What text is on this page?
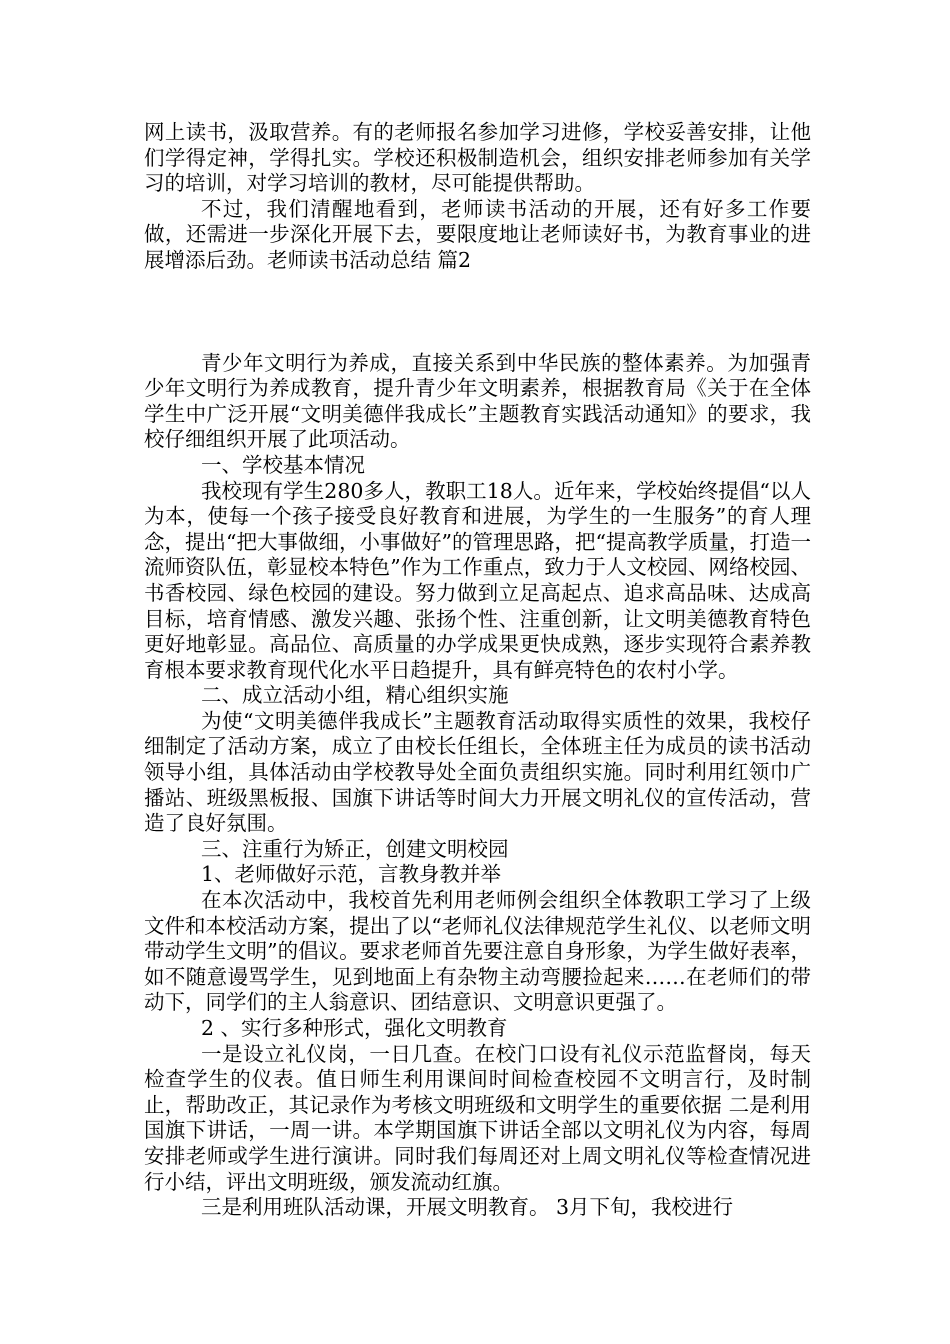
网上读书，汲取营养。有的老师报名参加学习进修，学校妥善安排，让他们学得定神，学得扎实。学校还积极制造机会，组织安排老师参加有关学习的培训，对学习培训的教材，尽可能提供帮助。

不过，我们清醒地看到，老师读书活动的开展，还有好多工作要做，还需进一步深化开展下去，要限度地让老师读好书，为教育事业的进展增添后劲。老师读书活动总结 篇2

青少年文明行为养成，直接关系到中华民族的整体素养。为加强青少年文明行为养成教育，提升青少年文明素养，根据教育局《关于在全体学生中广泛开展“文明美德伴我成长”主题教育实践活动通知》的要求，我校仔细组织开展了此项活动。

一、学校基本情况

我校现有学生280多人，教职工18人。近年来，学校始终提倡“以人为本，使每一个孩子接受良好教育和进展，为学生的一生服务”的育人理念，提出“把大事做细，小事做好”的管理思路，把“提高教学质量，打造一流师资队伍，彰显校本特色”作为工作重点，致力于人文校园、网络校园、书香校园、绿色校园的建设。努力做到立足高起点、追求高品味、达成高目标，培育情感、激发兴趣、张扬个性、注重创新，让文明美德教育特色更好地彰显。高品位、高质量的办学成果更快成熟，逐步实现符合素养教育根本要求教育现代化水平日趋提升，具有鲜亮特色的农村小学。

二、成立活动小组，精心组织实施

为使“文明美德伴我成长”主题教育活动取得实质性的效果，我校仔细制定了活动方案，成立了由校长任组长，全体班主任为成员的读书活动领导小组，具体活动由学校教导处全面负责组织实施。同时利用红领巾广播站、班级黑板报、国旗下讲话等时间大力开展文明礼仪的宣传活动，营造了良好氛围。

三、注重行为矫正，创建文明校园

1、老师做好示范，言教身教并举

在本次活动中，我校首先利用老师例会组织全体教职工学习了上级文件和本校活动方案，提出了以“老师礼仪法律规范学生礼仪、以老师文明带动学生文明”的倡议。要求老师首先要注意自身形象，为学生做好表率，如不随意谩骂学生，见到地面上有杂物主动弯腰捡起来……在老师们的带动下，同学们的主人翁意识、团结意识、文明意识更强了。

2 、实行多种形式，强化文明教育

一是设立礼仪岗，一日几查。在校门口设有礼仪示范监督岗，每天检查学生的仪表。值日师生利用课间时间检查校园不文明言行，及时制止，帮助改正，其记录作为考核文明班级和文明学生的重要依据 二是利用国旗下讲话，一周一讲。本学期国旗下讲话全部以文明礼仪为内容，每周安排老师或学生进行演讲。同时我们每周还对上周文明礼仪等检查情况进行小结，评出文明班级，颁发流动红旗。

三是利用班队活动课，开展文明教育。 3月下旬，我校进行
